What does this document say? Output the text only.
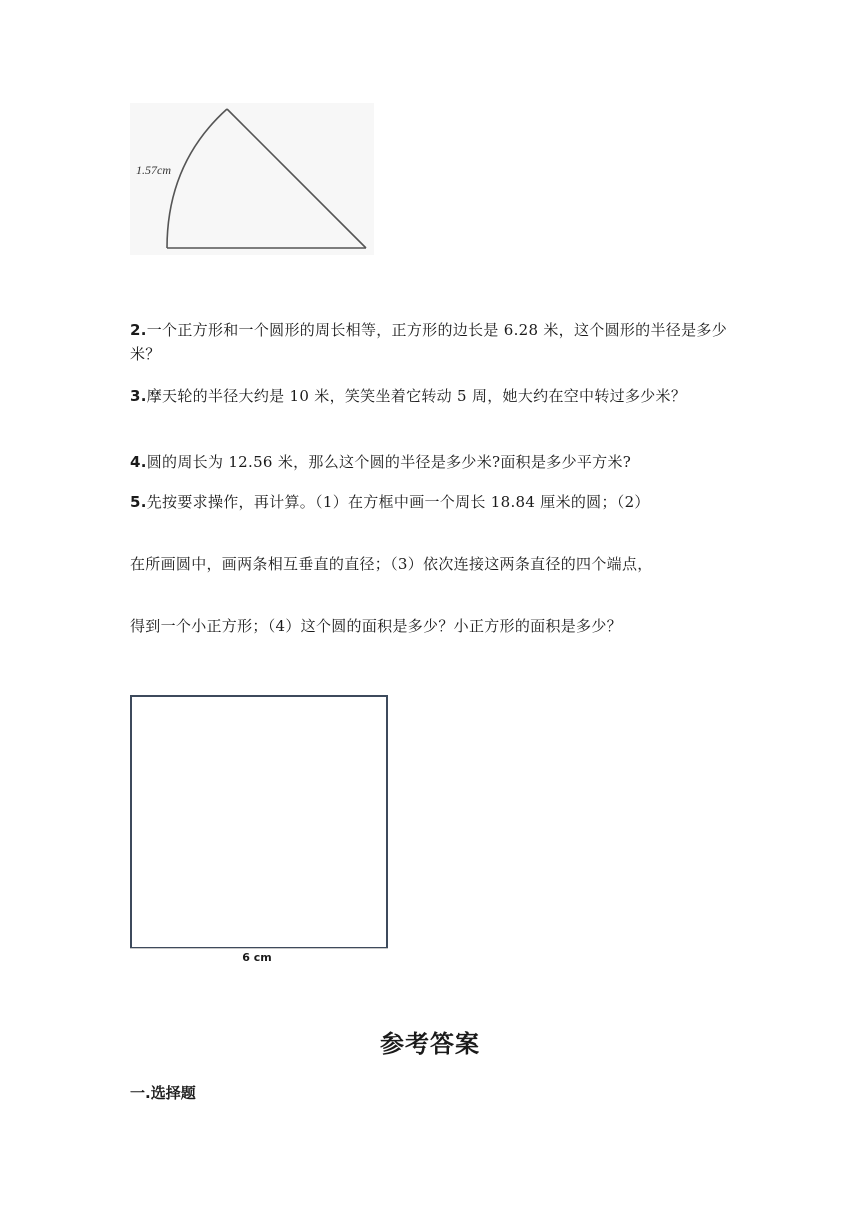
1.57cm
2.一个正方形和一个圆形的周长相等，正方形的边长是 6.28 米，这个圆形的半径是多少米？
3.摩天轮的半径大约是 10 米，笑笑坐着它转动 5 周，她大约在空中转过多少米？
4.圆的周长为 12.56 米，那么这个圆的半径是多少米?面积是多少平方米?
5.先按要求操作，再计算。（1）在方框中画一个周长 18.84 厘米的圆；（2）
在所画圆中，画两条相互垂直的直径；（3）依次连接这两条直径的四个端点，
得到一个小正方形；（4）这个圆的面积是多少？小正方形的面积是多少？
6 cm
参考答案
一.选择题
